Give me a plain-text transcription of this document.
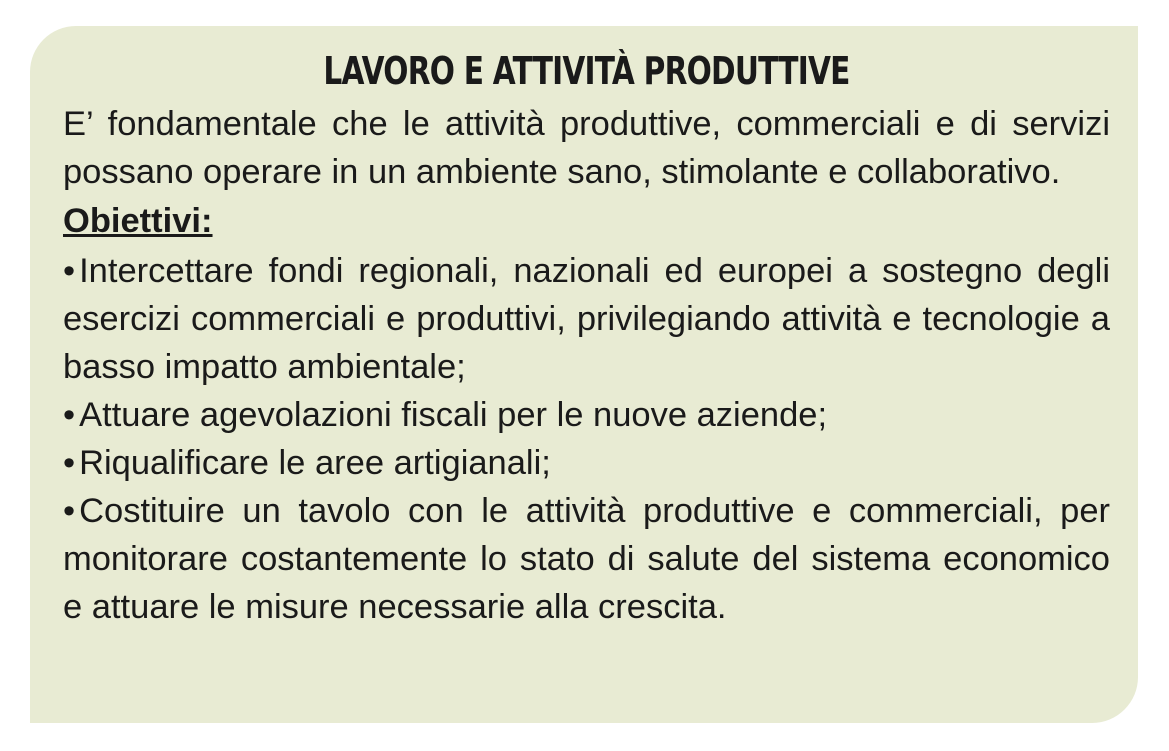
LAVORO E ATTIVITÀ PRODUTTIVE

E’ fondamentale che le attività produttive, commerciali e di servizi possano operare in un ambiente sano, stimolante e collaborativo.

Obiettivi:
• Intercettare fondi regionali, nazionali ed europei a sostegno degli esercizi commerciali e produttivi, privilegiando attività e tecnologie a basso impatto ambientale;
• Attuare agevolazioni fiscali per le nuove aziende;
• Riqualificare le aree artigianali;
• Costituire un tavolo con le attività produttive e commerciali, per monitorare costantemente lo stato di salute del sistema economico e attuare le misure necessarie alla crescita.
